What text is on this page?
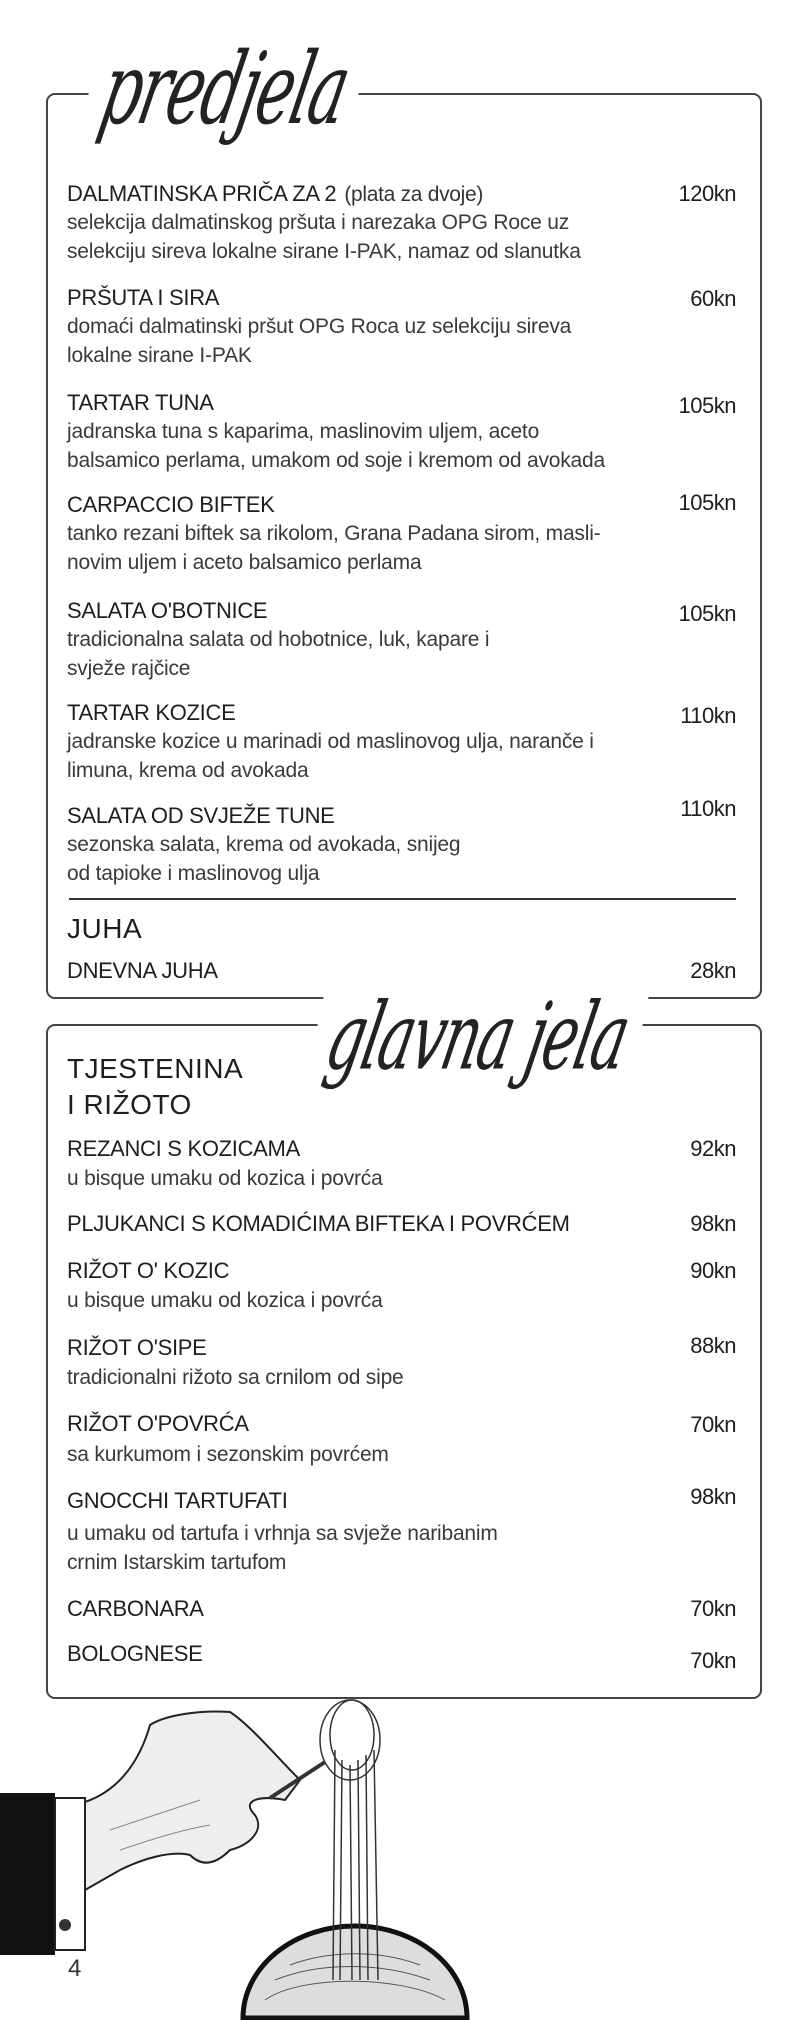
predjela
DALMATINSKA PRIČA ZA 2 (plata za dvoje)	120kn
selekcija dalmatinskog pršuta i narezaka OPG Roce uz
selekciju sireva lokalne sirane I-PAK, namaz od slanutka
PRŠUTA I SIRA	60kn
domaći dalmatinski pršut OPG Roca uz selekciju sireva
lokalne sirane I-PAK
TARTAR TUNA	105kn
jadranska tuna s kaparima, maslinovim uljem, aceto
balsamico perlama, umakom od soje i kremom od avokada
CARPACCIO BIFTEK	105kn
tanko rezani biftek sa rikolom, Grana Padana sirom, masli-
novim uljem i aceto balsamico perlama
SALATA O'BOTNICE	105kn
tradicionalna salata od hobotnice, luk, kapare i
svježe rajčice
TARTAR KOZICE	110kn
jadranske kozice u marinadi od maslinovog ulja, naranče i
limuna, krema od avokada
SALATA OD SVJEŽE TUNE	110kn
sezonska salata, krema od avokada, snijeg
od tapioke i maslinovog ulja
JUHA
DNEVNA JUHA	28kn
glavna jela
TJESTENINA
I RIŽOTO
REZANCI S KOZICAMA	92kn
u bisque umaku od kozica i povrća
PLJUKANCI S KOMADIĆIMA BIFTEKA I POVRĆEM	98kn
RIŽOT O' KOZIC	90kn
u bisque umaku od kozica i povrća
RIŽOT O'SIPE	88kn
tradicionalni rižoto sa crnilom od sipe
RIŽOT O'POVRĆA	70kn
sa kurkumom i sezonskim povrćem
GNOCCHI TARTUFATI	98kn
u umaku od tartufa i vrhnja sa svježe naribanim
crnim Istarskim tartufom
CARBONARA	70kn
BOLOGNESE	70kn
4
